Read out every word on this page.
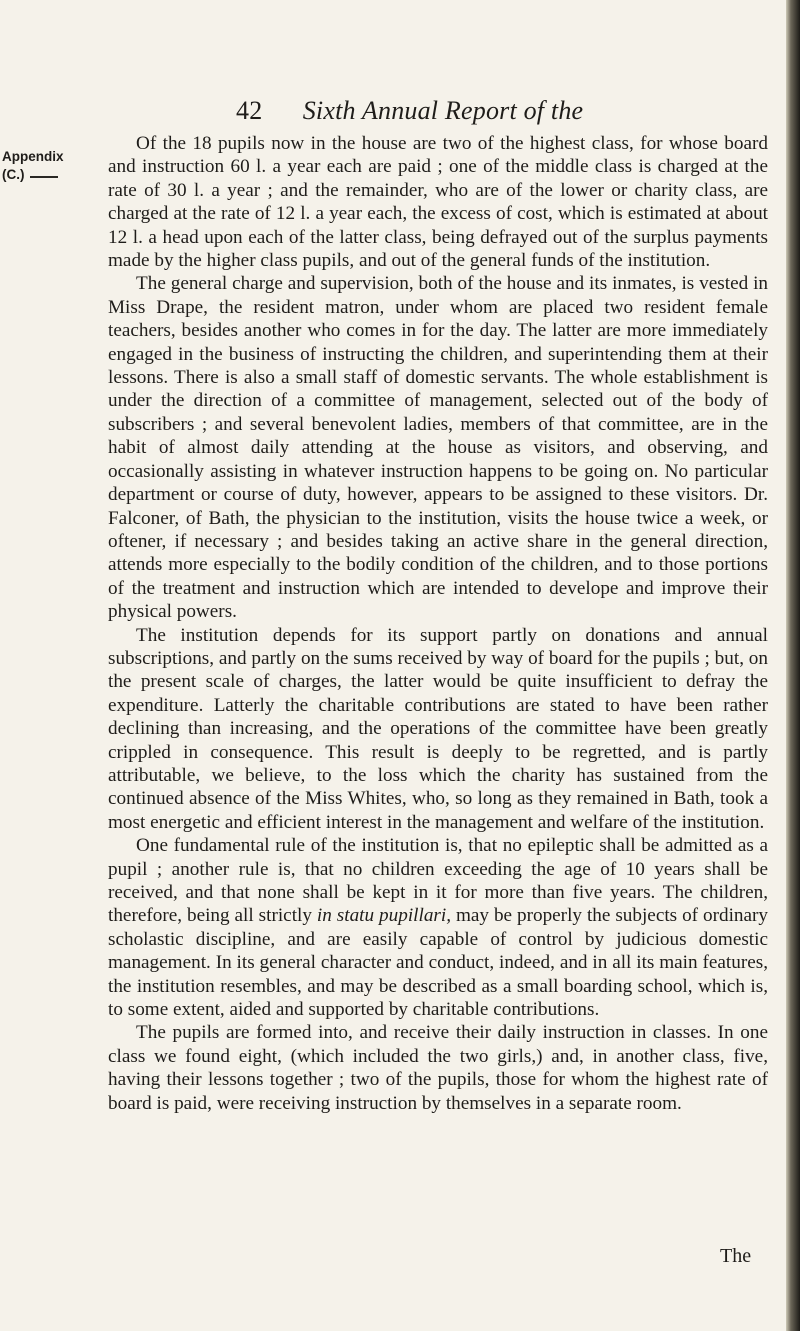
42 Sixth Annual Report of the
Appendix (C.)

Of the 18 pupils now in the house are two of the highest class, for whose board and instruction 60 l. a year each are paid ; one of the middle class is charged at the rate of 30 l. a year ; and the remainder, who are of the lower or charity class, are charged at the rate of 12 l. a year each, the excess of cost, which is estimated at about 12 l. a head upon each of the latter class, being defrayed out of the surplus payments made by the higher class pupils, and out of the general funds of the institution.

The general charge and supervision, both of the house and its inmates, is vested in Miss Drape, the resident matron, under whom are placed two resident female teachers, besides another who comes in for the day. The latter are more immediately engaged in the business of instructing the children, and superintending them at their lessons. There is also a small staff of domestic servants. The whole establishment is under the direction of a committee of management, selected out of the body of subscribers ; and several benevolent ladies, members of that committee, are in the habit of almost daily attending at the house as visitors, and observing, and occasionally assisting in whatever instruction happens to be going on. No particular department or course of duty, however, appears to be assigned to these visitors. Dr. Falconer, of Bath, the physician to the institution, visits the house twice a week, or oftener, if necessary ; and besides taking an active share in the general direction, attends more especially to the bodily condition of the children, and to those portions of the treatment and instruction which are intended to develope and improve their physical powers.

The institution depends for its support partly on donations and annual subscriptions, and partly on the sums received by way of board for the pupils ; but, on the present scale of charges, the latter would be quite insufficient to defray the expenditure. Latterly the charitable contributions are stated to have been rather declining than increasing, and the operations of the committee have been greatly crippled in consequence. This result is deeply to be regretted, and is partly attributable, we believe, to the loss which the charity has sustained from the continued absence of the Miss Whites, who, so long as they remained in Bath, took a most energetic and efficient interest in the management and welfare of the institution.

One fundamental rule of the institution is, that no epileptic shall be admitted as a pupil ; another rule is, that no children exceeding the age of 10 years shall be received, and that none shall be kept in it for more than five years. The children, therefore, being all strictly in statu pupillari, may be properly the subjects of ordinary scholastic discipline, and are easily capable of control by judicious domestic management. In its general character and conduct, indeed, and in all its main features, the institution resembles, and may be described as a small boarding school, which is, to some extent, aided and supported by charitable contributions.

The pupils are formed into, and receive their daily instruction in classes. In one class we found eight, (which included the two girls,) and, in another class, five, having their lessons together ; two of the pupils, those for whom the highest rate of board is paid, were receiving instruction by themselves in a separate room.

The
